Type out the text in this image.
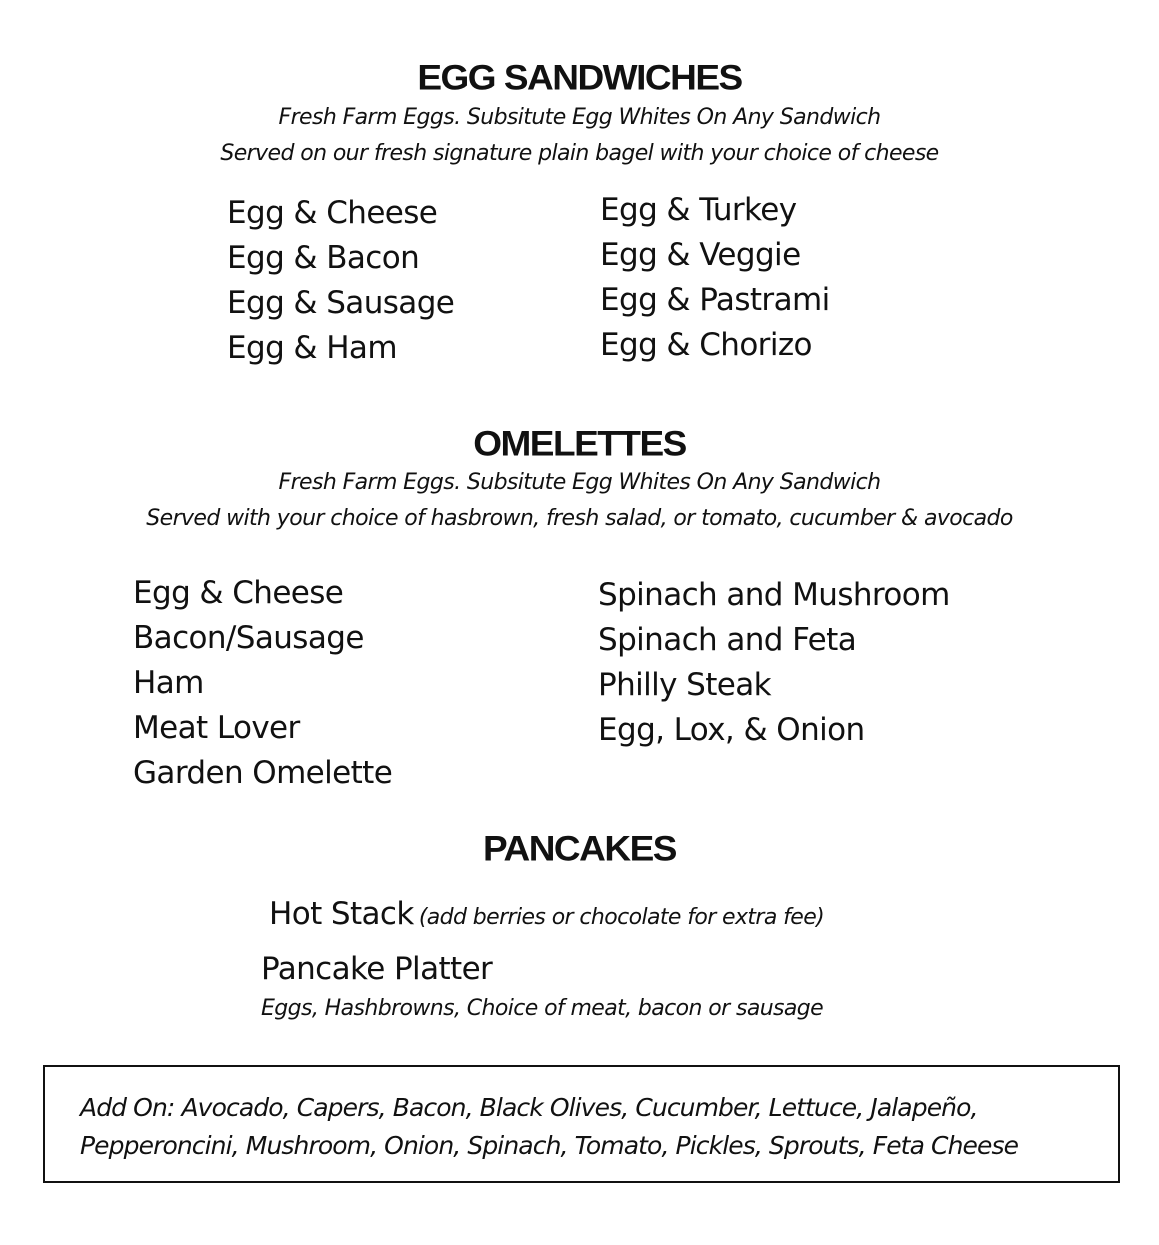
EGG SANDWICHES

Fresh Farm Eggs. Subsitute Egg Whites On Any Sandwich

Served on our fresh signature plain bagel with your choice of cheese

Egg & Cheese
Egg & Bacon
Egg & Sausage
Egg & Ham
Egg & Turkey
Egg & Veggie
Egg & Pastrami
Egg & Chorizo
OMELETTES

Fresh Farm Eggs. Subsitute Egg Whites On Any Sandwich

Served with your choice of hasbrown, fresh salad, or tomato, cucumber & avocado

Egg & Cheese
Bacon/Sausage
Ham
Meat Lover
Garden Omelette
Spinach and Mushroom
Spinach and Feta
Philly Steak
Egg, Lox, & Onion
PANCAKES
Hot Stack (add berries or chocolate for extra fee)
Pancake Platter
Eggs, Hashbrowns, Choice of meat, bacon or sausage

Add On: Avocado, Capers, Bacon, Black Olives, Cucumber, Lettuce, Jalapeño,
Pepperoncini, Mushroom, Onion, Spinach, Tomato, Pickles, Sprouts, Feta Cheese
